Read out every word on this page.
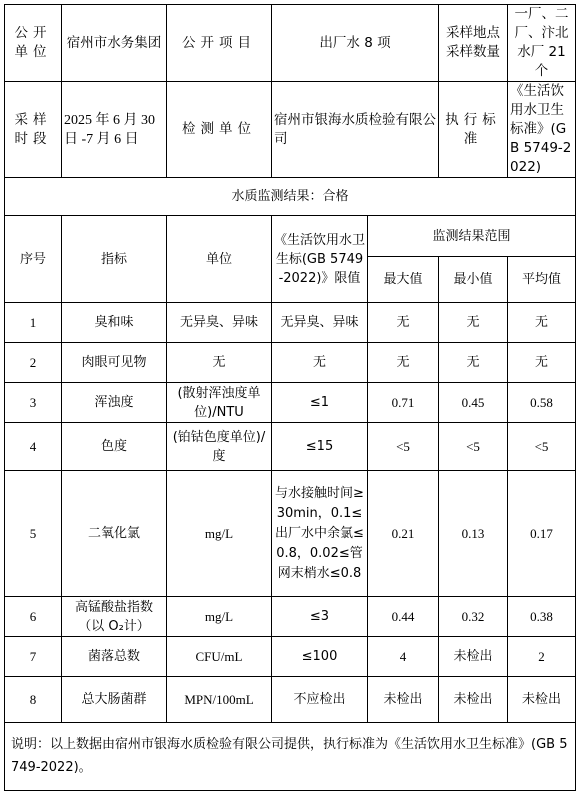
公开单位	宿州市水务集团	公开项目	出厂水 8 项		采样地点采样数量	一厂、二厂、汴北水厂 21 个
采样时段	2025 年 6 月 30 日 -7 月 6 日	检测单位	宿州市银海水质检验有限公司		执行标准	《生活饮用水卫生标准》(GB 5749-2022)
水质监测结果：合格						
序号	指标	单位	《生活饮用水卫生标(GB 5749-2022)》限值	监测结果范围		
				最大值	最小值	平均值
1	臭和味	无异臭、异味	无异臭、异味	无	无	无
2	肉眼可见物	无	无	无	无	无
3	浑浊度	(散射浑浊度单位)/NTU	≤1	0.71	0.45	0.58
4	色度	(铂钴色度单位)/度	≤15	<5	<5	<5
5	二氧化氯	mg/L	与水接触时间≥30min，0.1≤出厂水中余氯≤0.8，0.02≤管网末梢水≤0.8	0.21	0.13	0.17
6	高锰酸盐指数（以 O₂计）	mg/L	≤3	0.44	0.32	0.38
7	菌落总数	CFU/mL	≤100	4	未检出	2
8	总大肠菌群	MPN/100mL	不应检出	未检出	未检出	未检出
说明：以上数据由宿州市银海水质检验有限公司提供，执行标准为《生活饮用水卫生标准》(GB 5749-2022)。						
